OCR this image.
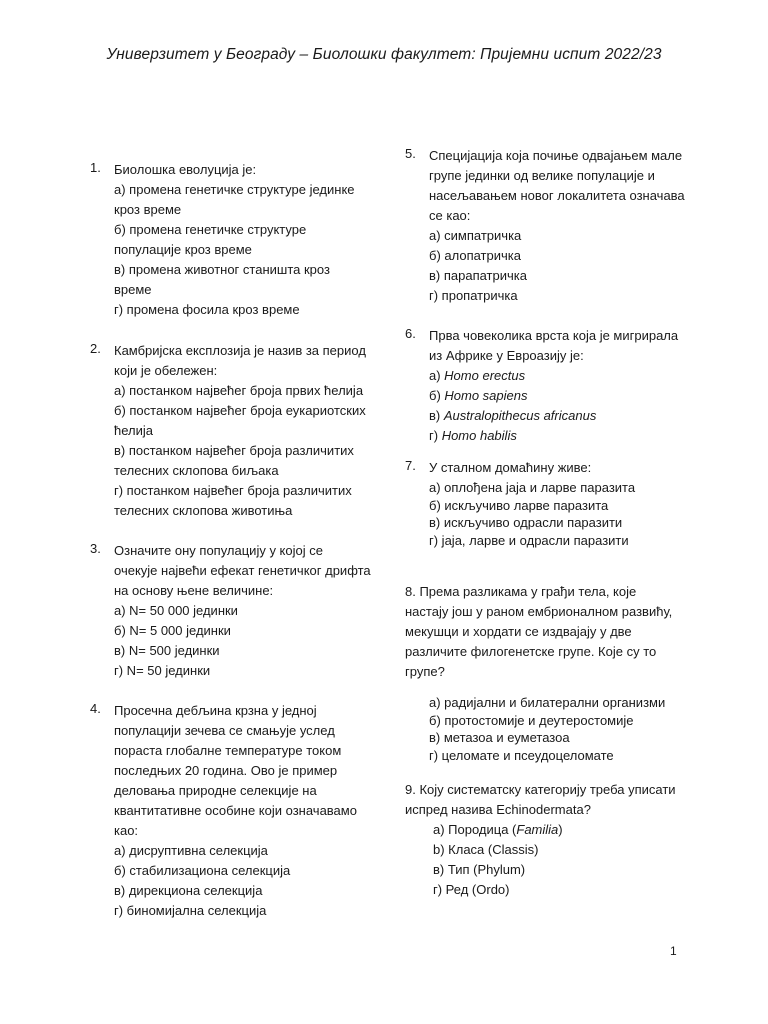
Универзитет у Београду – Биолошки факултет: Пријемни испит 2022/23
1. Биолошка еволуција је:
а) промена генетичке структуре јединке
кроз време
б) промена генетичке структуре
популације кроз време
в) промена животног станишта кроз
време
г) промена фосила кроз време
2. Камбријска експлозија је назив за период
који је обележен:
а) постанком највећег броја првих ћелија
б) постанком највећег броја еукариотских
ћелија
в) постанком највећег броја различитих
телесних склопова биљака
г) постанком највећег броја различитих
телесних склопова животиња
3. Означите ону популацију у којој се
очекује највећи ефекат генетичког дрифта
на основу њене величине:
а) N= 50 000 јединки
б) N= 5 000 јединки
в) N= 500 јединки
г) N= 50 јединки
4. Просечна дебљина крзна у једној
популацији зечева се смањује услед
пораста глобалне температуре током
последњих 20 година. Ово је пример
деловања природне селекције на
квантитативне особине који означавамо
као:
а) дисруптивна селекција
б) стабилизациона селекција
в) дирекциона селекција
г) биномијална селекција
5. Специјација која почиње одвајањем мале
групе јединки од велике популације и
насељавањем новог локалитета означава
се као:
а) симпатричка
б) алопатричка
в) парапатричка
г) пропатричка
6. Прва човеколика врста која је мигрирала
из Африке у Евроазију је:
а) Homo erectus
б) Homo sapiens
в) Australopithecus africanus
г) Homo habilis
7. У сталном домаћину живе:
а) оплођена јаја и ларве паразита
б) искључиво ларве паразита
в) искључиво одрасли паразити
г) јаја, ларве и одрасли паразити
8. Према разликама у грађи тела, које
настају још у раном ембрионалном развићу,
мекушци и хордати се издвајају у две
различите филогенетске групе. Које су то
групе?
а) радијални и билатерални организми
б) протостомије и деутеростомије
в) метазоа и еуметазоа
г) целомате и псеудоцеломате
9. Коју систематску категорију треба уписати
испред назива Echinodermata?
а) Породица (Familia)
b) Класа (Classis)
в) Тип (Phylum)
г) Ред (Ordo)
1
